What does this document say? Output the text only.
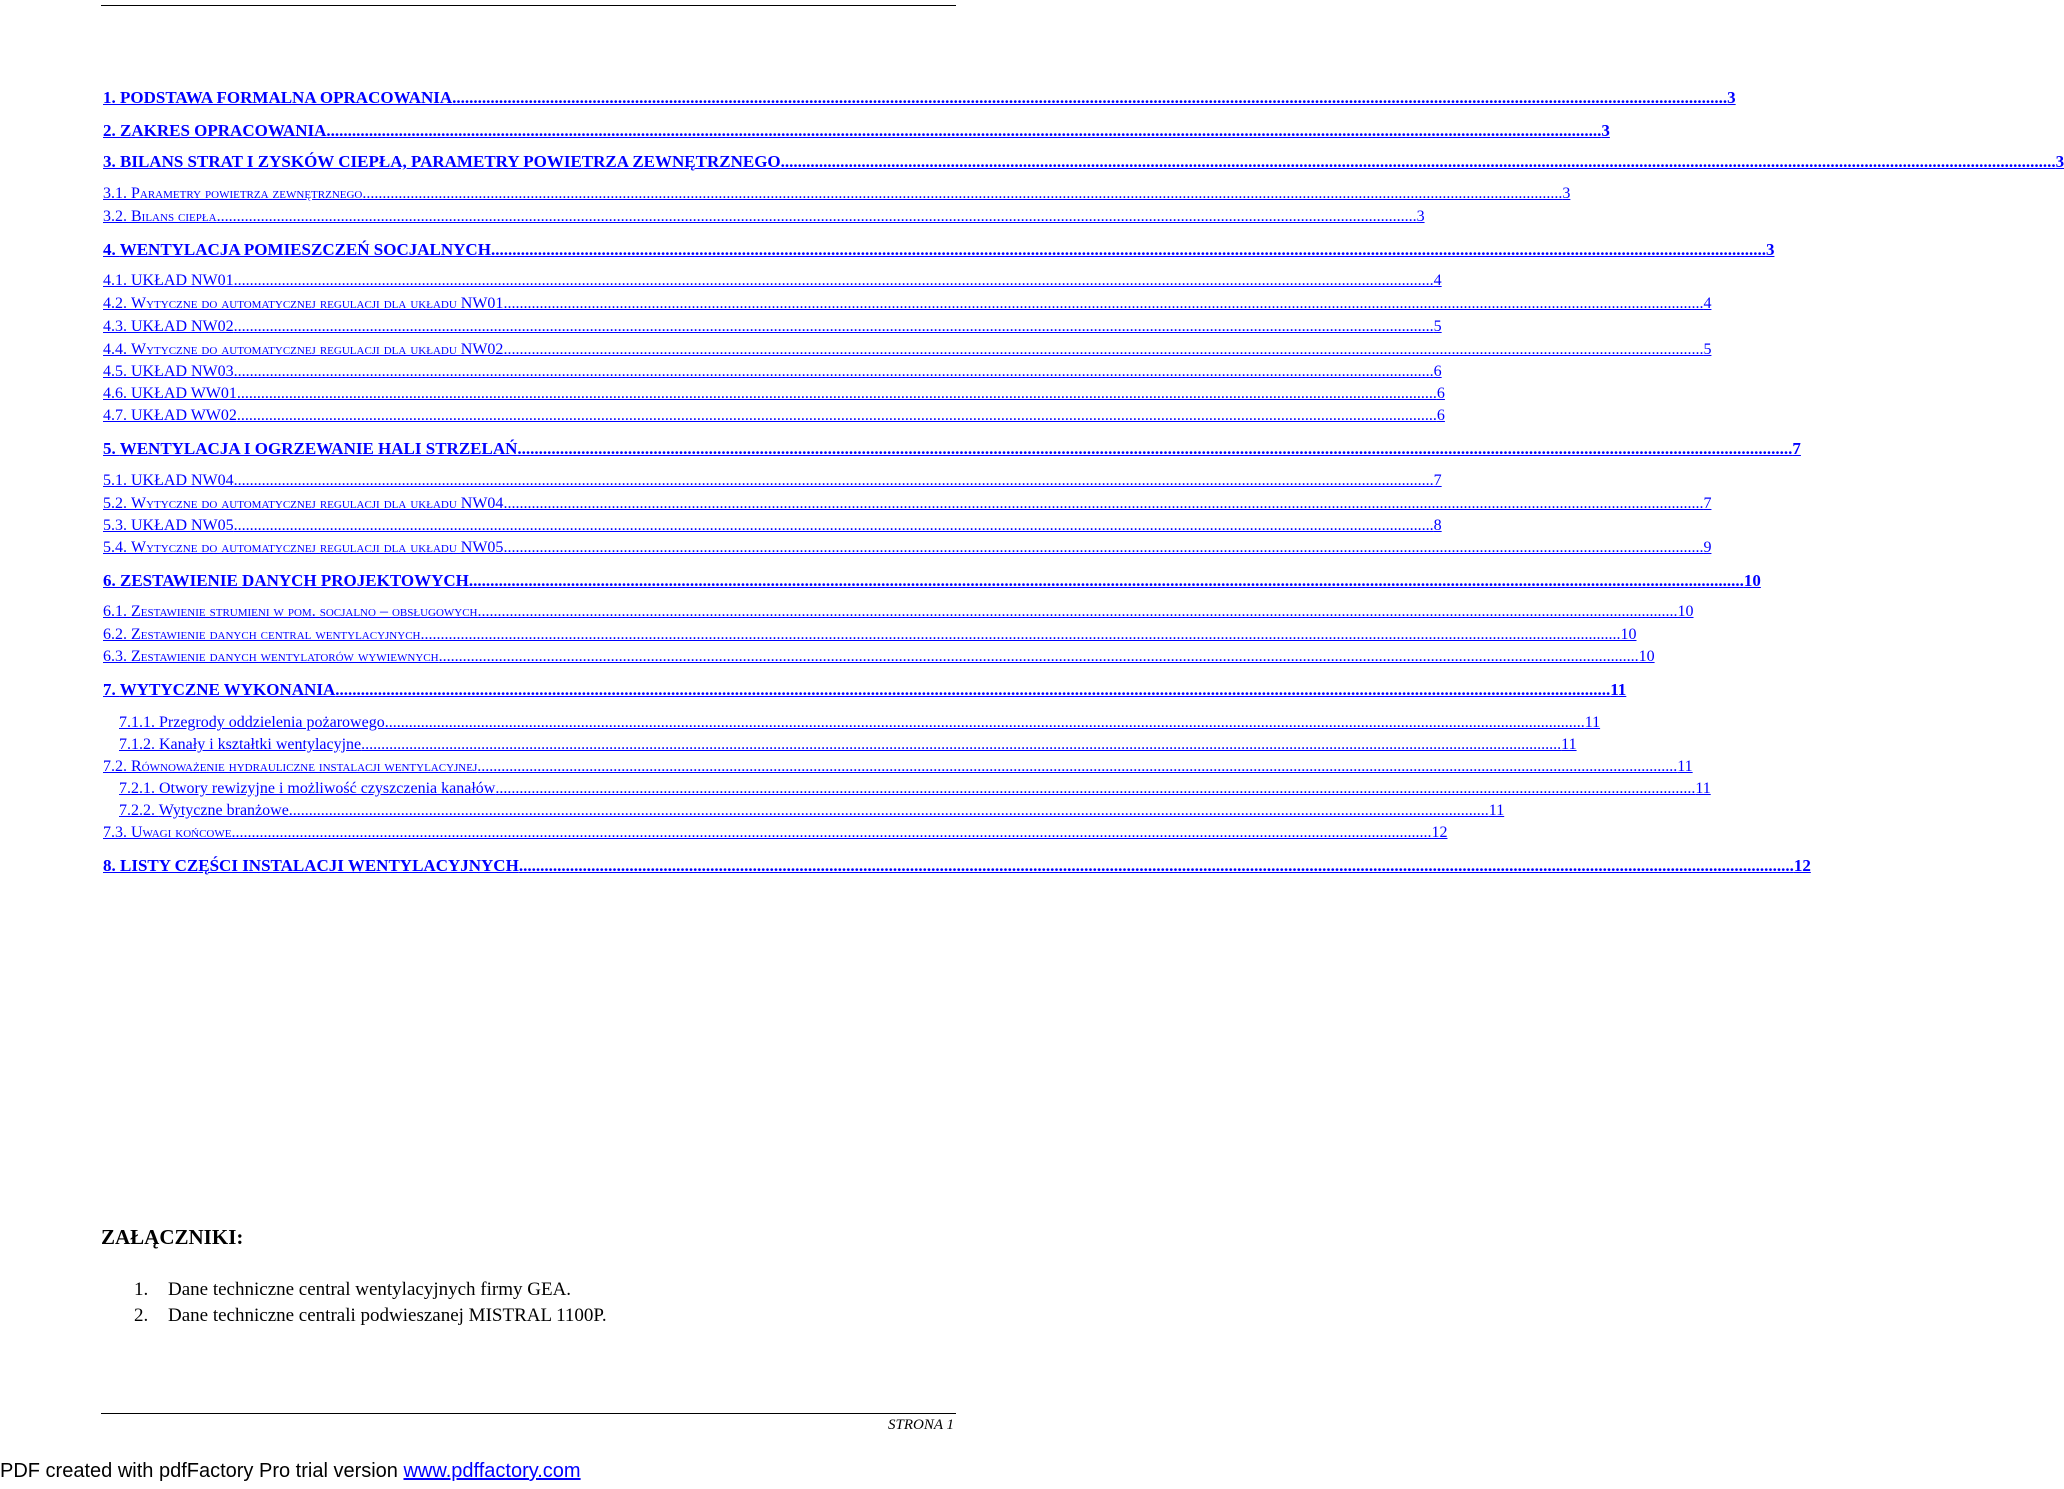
1. PODSTAWA FORMALNA OPRACOWANIA ............................................................................................................................................................................................................................................................................................................ 3
2. ZAKRES OPRACOWANIA ............................................................................................................................................................................................................................................................................................................ 3
3. BILANS STRAT I ZYSKÓW CIEPŁA, PARAMETRY POWIETRZA ZEWNĘTRZNEGO ............................................................................................................................................................................................................................................................................................................ 3
3.1. Parametry powietrza zewnętrznego ............................................................................................................................................................................................................................................................................................................ 3
3.2. Bilans ciepła ............................................................................................................................................................................................................................................................................................................ 3
4. WENTYLACJA POMIESZCZEŃ SOCJALNYCH ............................................................................................................................................................................................................................................................................................................ 3
4.1. UKŁAD NW01 ............................................................................................................................................................................................................................................................................................................ 4
4.2. Wytyczne do automatycznej regulacji dla układu NW01 ............................................................................................................................................................................................................................................................................................................ 4
4.3. UKŁAD NW02 ............................................................................................................................................................................................................................................................................................................ 5
4.4. Wytyczne do automatycznej regulacji dla układu NW02 ............................................................................................................................................................................................................................................................................................................ 5
4.5. UKŁAD NW03 ............................................................................................................................................................................................................................................................................................................ 6
4.6. UKŁAD WW01 ............................................................................................................................................................................................................................................................................................................ 6
4.7. UKŁAD WW02 ............................................................................................................................................................................................................................................................................................................ 6
5. WENTYLACJA I OGRZEWANIE HALI STRZELAŃ ............................................................................................................................................................................................................................................................................................................ 7
5.1. UKŁAD NW04 ............................................................................................................................................................................................................................................................................................................ 7
5.2. Wytyczne do automatycznej regulacji dla układu NW04 ............................................................................................................................................................................................................................................................................................................ 7
5.3. UKŁAD NW05 ............................................................................................................................................................................................................................................................................................................ 8
5.4. Wytyczne do automatycznej regulacji dla układu NW05 ............................................................................................................................................................................................................................................................................................................ 9
6. ZESTAWIENIE DANYCH PROJEKTOWYCH ............................................................................................................................................................................................................................................................................................................ 10
6.1. Zestawienie strumieni w pom. socjalno – obsługowych ............................................................................................................................................................................................................................................................................................................ 10
6.2. Zestawienie danych central wentylacyjnych ............................................................................................................................................................................................................................................................................................................ 10
6.3. Zestawienie danych wentylatorów wywiewnych ............................................................................................................................................................................................................................................................................................................ 10
7. WYTYCZNE WYKONANIA ............................................................................................................................................................................................................................................................................................................ 11
7.1.1. Przegrody oddzielenia pożarowego ............................................................................................................................................................................................................................................................................................................ 11
7.1.2. Kanały i kształtki wentylacyjne ............................................................................................................................................................................................................................................................................................................ 11
7.2. Równoważenie hydrauliczne instalacji wentylacyjnej ............................................................................................................................................................................................................................................................................................................ 11
7.2.1. Otwory rewizyjne i możliwość czyszczenia kanałów ............................................................................................................................................................................................................................................................................................................ 11
7.2.2. Wytyczne branżowe ............................................................................................................................................................................................................................................................................................................ 11
7.3. Uwagi końcowe ............................................................................................................................................................................................................................................................................................................ 12
8. LISTY CZĘŚCI INSTALACJI WENTYLACYJNYCH ............................................................................................................................................................................................................................................................................................................ 12
ZAŁĄCZNIKI:
1. Dane techniczne central wentylacyjnych firmy GEA.
2. Dane techniczne centrali podwieszanej MISTRAL 1100P.
STRONA 1
PDF created with pdfFactory Pro trial version www.pdffactory.com
